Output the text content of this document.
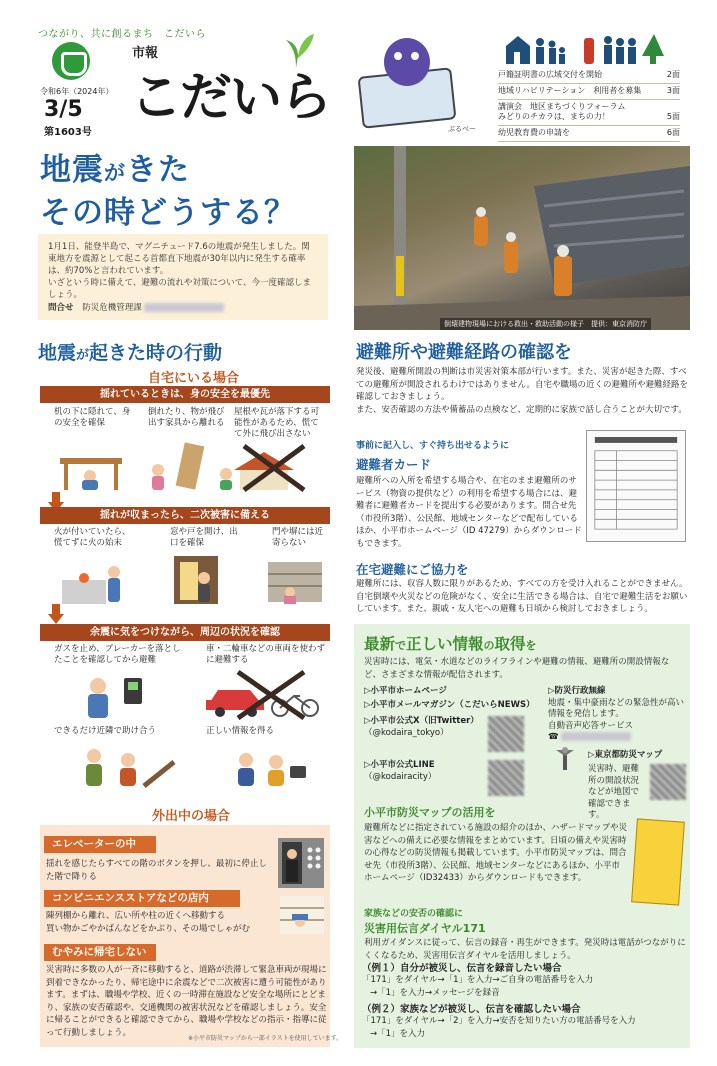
つながり、共に創るまち　こだいら
令和6年（2024年）
3/5
第1603号
市報
こだいら
ぶるべー
戸籍証明書の広域交付を開始	2面
地域リハビリテーション　利用者を募集	3面
講演会　地区まちづくりフォーラム
みどりのチカラは、まちの力！	5面
幼児教育費の申請を	6面
地震がきた
その時どうする？
1月1日、能登半島で、マグニチュード7.6の地震が発生しました。関東地方を震源として起こる首都直下地震が30年以内に発生する確率は、約70%と言われています。
いざという時に備えて、避難の流れや対策について、今一度確認しましょう。
問合せ 防災危機管理課
倒壊建物現場における救出・救助活動の様子　提供：東京消防庁
地震が起きた時の行動
自宅にいる場合
揺れているときは、身の安全を最優先
机の下に隠れて、身の安全を確保
倒れたり、物が飛び出す家具から離れる
屋根や瓦が落下する可能性があるため、慌てて外に飛び出さない
揺れが収まったら、二次被害に備える
火が付いていたら、慌てずに火の始末
窓や戸を開け、出口を確保
門や塀には近寄らない
余震に気をつけながら、周辺の状況を確認
ガスを止め、ブレーカーを落としたことを確認してから避難
車・二輪車などの車両を使わずに避難する
できるだけ近隣で助け合う	正しい情報を得る
外出中の場合
エレベーターの中
揺れを感じたらすべての階のボタンを押し、最初に停止した階で降りる
コンビニエンスストアなどの店内
陳列棚から離れ、広い所や柱の近くへ移動する
買い物かごやかばんなどをかぶり、その場でしゃがむ
むやみに帰宅しない
災害時に多数の人が一斉に移動すると、道路が渋滞して緊急車両が現場に到着できなかったり、帰宅途中に余震などで二次被害に遭う可能性があります。まずは、職場や学校、近くの一時滞在施設など安全な場所にとどまり、家族の安否確認や、交通機関の被害状況などを確認しましょう。安全に帰ることができると確認できてから、職場や学校などの指示・指導に従って行動しましょう。
※小平市防災マップから一部イラストを使用しています。
避難所や避難経路の確認を
発災後、避難所開設の判断は市災害対策本部が行います。また、災害が起きた際、すべての避難所が開設されるわけではありません。自宅や職場の近くの避難所や避難経路を確認しておきましょう。
また、安否確認の方法や備蓄品の点検など、定期的に家族で話し合うことが大切です。
事前に記入し、すぐ持ち出せるように
避難者カード
避難所への入所を希望する場合や、在宅のまま避難所のサービス（物資の提供など）の利用を希望する場合には、避難者に避難者カードを提出する必要があります。問合せ先（市役所3階）、公民館、地域センターなどで配布しているほか、小平市ホームページ（ID 47279）からダウンロードもできます。
在宅避難にご協力を
避難所には、収容人数に限りがあるため、すべての方を受け入れることができません。自宅倒壊や火災などの危険がなく、安全に生活できる場合は、自宅で避難生活をお願いしています。また、親戚・友人宅への避難も日頃から検討しておきましょう。
最新で正しい情報の取得を
災害時には、電気・水道などのライフラインや避難の情報、避難所の開設情報など、さまざまな情報が配信されます。
▷小平市ホームページ
▷小平市メールマガジン（こだいらNEWS）
▷小平市公式X（旧Twitter）
（@kodaira_tokyo）
▷小平市公式LINE
（@kodairacity）
▷防災行政無線
地震・集中豪雨などの緊急性が高い情報を発信します。
自動音声応答サービス
☎
▷東京都防災マップ
災害時、避難所の開設状況などが地図で確認できます。
小平市防災マップの活用を
避難所などに指定されている施設の紹介のほか、ハザードマップや災害などへの備えに必要な情報をまとめています。日頃の備えや災害時の心得などの防災情報も掲載しています。小平市防災マップは、問合せ先（市役所3階）、公民館、地域センターなどにあるほか、小平市ホームページ（ID32433）からダウンロードもできます。
家族などの安否の確認に
災害用伝言ダイヤル171
利用ガイダンスに従って、伝言の録音・再生ができます。発災時は電話がつながりにくくなるため、災害用伝言ダイヤルを活用しましょう。
（例１）自分が被災し、伝言を録音したい場合
「171」をダイヤル→「1」を入力→ご自身の電話番号を入力
→「1」を入力→メッセージを録音
（例２）家族などが被災し、伝言を確認したい場合
「171」をダイヤル→「2」を入力→安否を知りたい方の電話番号を入力
→「1」を入力
